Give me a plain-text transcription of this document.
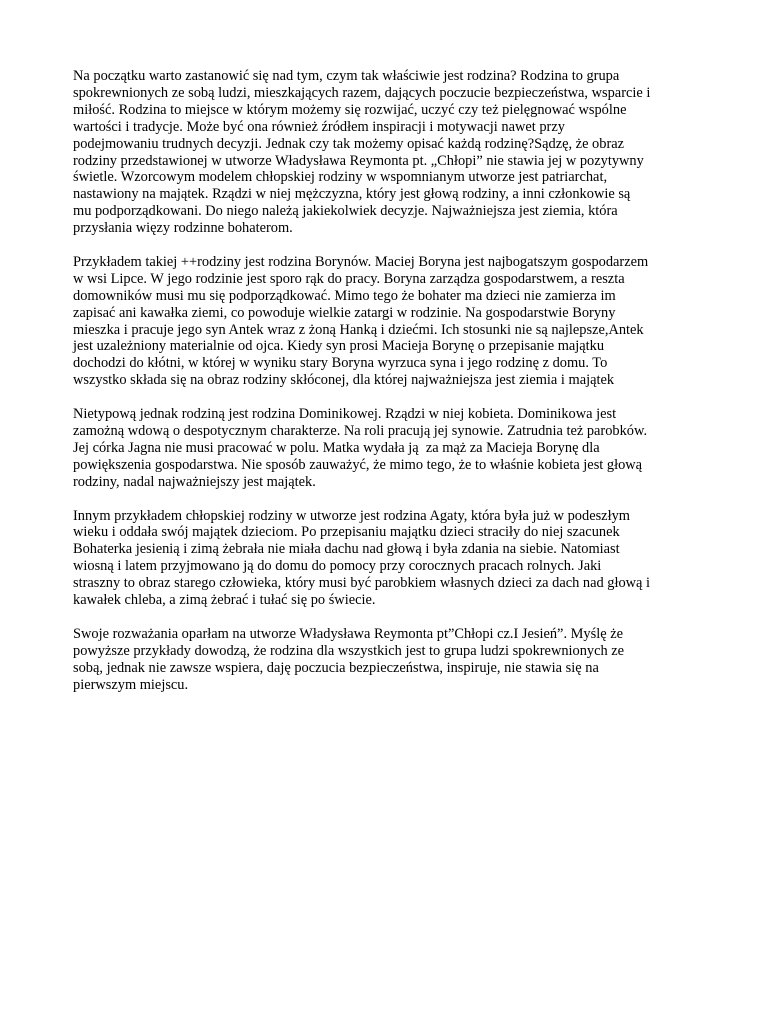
Na początku warto zastanowić się nad tym, czym tak właściwie jest rodzina? Rodzina to grupa
spokrewnionych ze sobą ludzi, mieszkających razem, dających poczucie bezpieczeństwa, wsparcie i
miłość. Rodzina to miejsce w którym możemy się rozwijać, uczyć czy też pielęgnować wspólne
wartości i tradycje. Może być ona również źródłem inspiracji i motywacji nawet przy
podejmowaniu trudnych decyzji. Jednak czy tak możemy opisać każdą rodzinę?Sądzę, że obraz
rodziny przedstawionej w utworze Władysława Reymonta pt. „Chłopi” nie stawia jej w pozytywny
świetle. Wzorcowym modelem chłopskiej rodziny w wspomnianym utworze jest patriarchat,
nastawiony na majątek. Rządzi w niej mężczyzna, który jest głową rodziny, a inni członkowie są
mu podporządkowani. Do niego należą jakiekolwiek decyzje. Najważniejsza jest ziemia, która
przysłania więzy rodzinne bohaterom.
Przykładem takiej ++rodziny jest rodzina Borynów. Maciej Boryna jest najbogatszym gospodarzem
w wsi Lipce. W jego rodzinie jest sporo rąk do pracy. Boryna zarządza gospodarstwem, a reszta
domowników musi mu się podporządkować. Mimo tego że bohater ma dzieci nie zamierza im
zapisać ani kawałka ziemi, co powoduje wielkie zatargi w rodzinie. Na gospodarstwie Boryny
mieszka i pracuje jego syn Antek wraz z żoną Hanką i dziećmi. Ich stosunki nie są najlepsze,Antek
jest uzależniony materialnie od ojca. Kiedy syn prosi Macieja Borynę o przepisanie majątku
dochodzi do kłótni, w której w wyniku stary Boryna wyrzuca syna i jego rodzinę z domu. To
wszystko składa się na obraz rodziny skłóconej, dla której najważniejsza jest ziemia i majątek
Nietypową jednak rodziną jest rodzina Dominikowej. Rządzi w niej kobieta. Dominikowa jest
zamożną wdową o despotycznym charakterze. Na roli pracują jej synowie. Zatrudnia też parobków.
Jej córka Jagna nie musi pracować w polu. Matka wydała ją  za mąż za Macieja Borynę dla
powiększenia gospodarstwa. Nie sposób zauważyć, że mimo tego, że to właśnie kobieta jest głową
rodziny, nadal najważniejszy jest majątek.
Innym przykładem chłopskiej rodziny w utworze jest rodzina Agaty, która była już w podeszłym
wieku i oddała swój majątek dzieciom. Po przepisaniu majątku dzieci straciły do niej szacunek
Bohaterka jesienią i zimą żebrała nie miała dachu nad głową i była zdania na siebie. Natomiast
wiosną i latem przyjmowano ją do domu do pomocy przy corocznych pracach rolnych. Jaki
straszny to obraz starego człowieka, który musi być parobkiem własnych dzieci za dach nad głową i
kawałek chleba, a zimą żebrać i tułać się po świecie.
Swoje rozważania oparłam na utworze Władysława Reymonta pt”Chłopi cz.I Jesień”. Myślę że
powyższe przykłady dowodzą, że rodzina dla wszystkich jest to grupa ludzi spokrewnionych ze
sobą, jednak nie zawsze wspiera, daję poczucia bezpieczeństwa, inspiruje, nie stawia się na
pierwszym miejscu.
